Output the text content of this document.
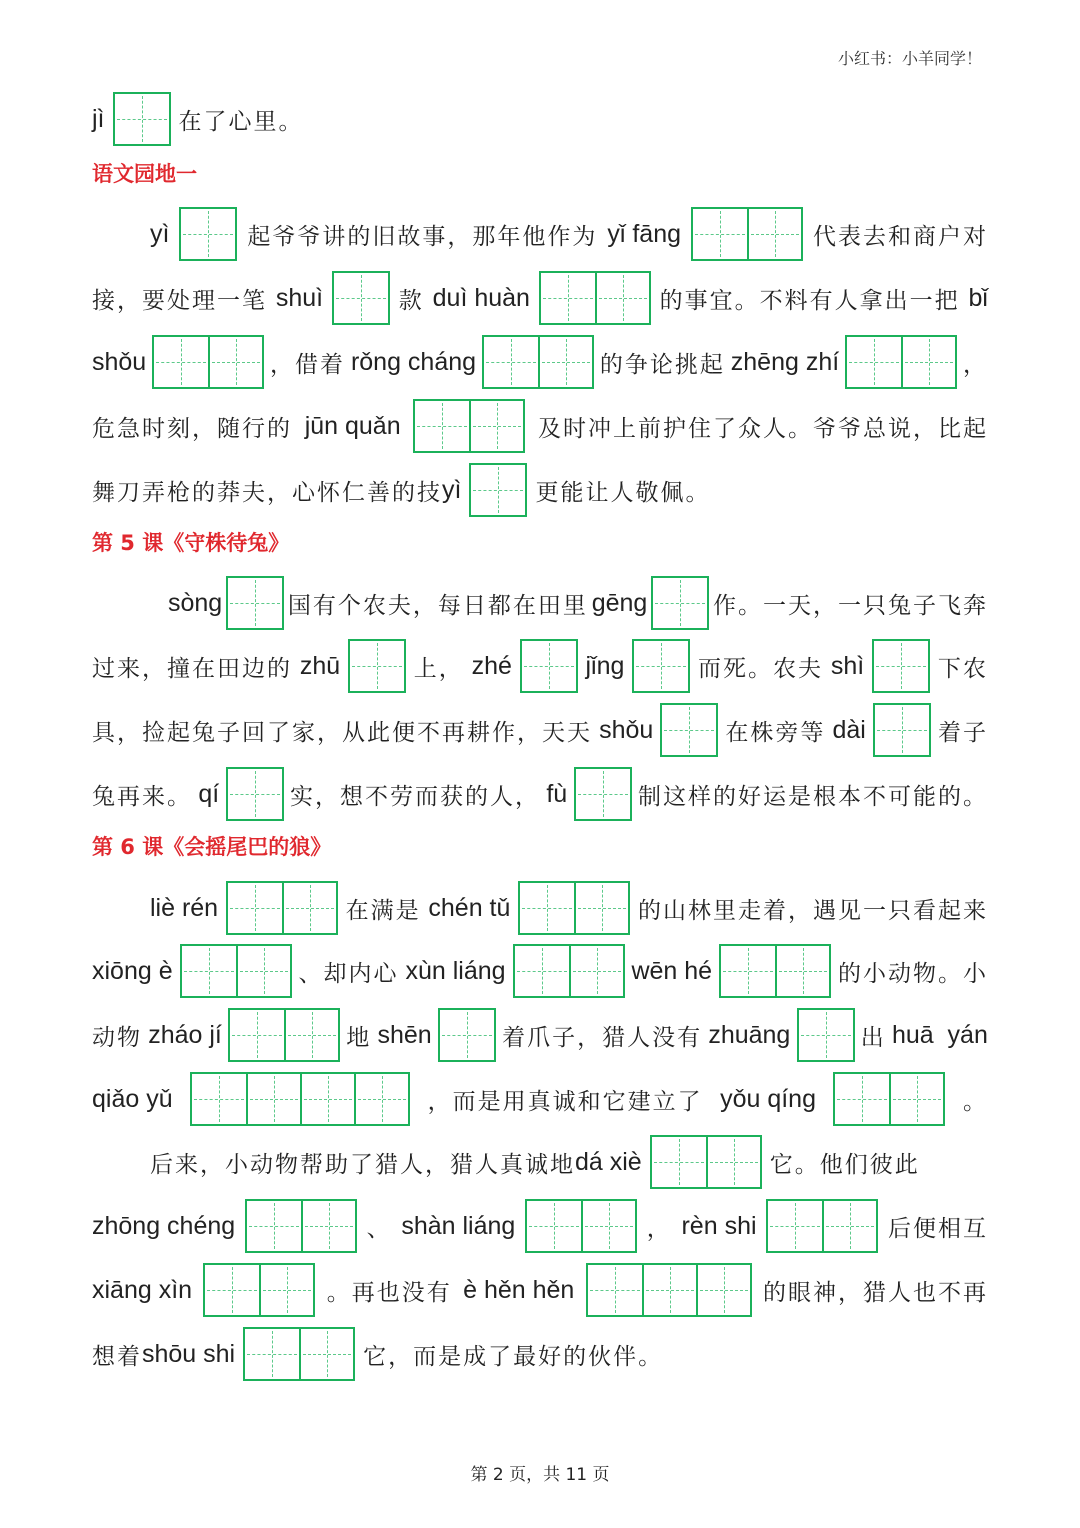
小红书：小羊同学！
jì	在了心里。
语文园地一
yì	起爷爷讲的旧故事，那年他作为 yǐ fāng	代表去和商户对
接，要处理一笔 shuì	款 duì huàn	的事宜。不料有人拿出一把 bǐ
shǒu	，借着 rǒng cháng	的争论挑起 zhēng zhí	，
危急时刻，随行的 jūn quǎn	及时冲上前护住了众人。爷爷总说，比起
舞刀弄枪的莽夫，心怀仁善的技 yì	更能让人敬佩。
第 5 课《守株待兔》
sòng	国有个农夫，每日都在田里 gēng	作。一天，一只兔子飞奔
过来，撞在田边的 zhū	上， zhé	jǐng	而死。农夫 shì	下农
具，捡起兔子回了家，从此便不再耕作，天天 shǒu	在株旁等 dài	着子
兔再来。 qí	实，想不劳而获的人， fù	制这样的好运是根本不可能的。
第 6 课《会摇尾巴的狼》
liè rén	在满是 chén tǔ	的山林里走着，遇见一只看起来
xiōng è	、却内心 xùn liáng	wēn hé	的小动物。小
动物 zháo jí	地 shēn	着爪子，猎人没有 zhuāng	出 huā  yán
qiǎo yǔ	，而是用真诚和它建立了 yǒu qíng	。
后来，小动物帮助了猎人，猎人真诚地 dá xiè	它。他们彼此
zhōng chéng	、 shàn liáng	， rèn shi	后便相互
xiāng xìn	。再也没有 è hěn hěn	的眼神，猎人也不再
想着 shōu shi	它，而是成了最好的伙伴。
第 2 页，共 11 页
